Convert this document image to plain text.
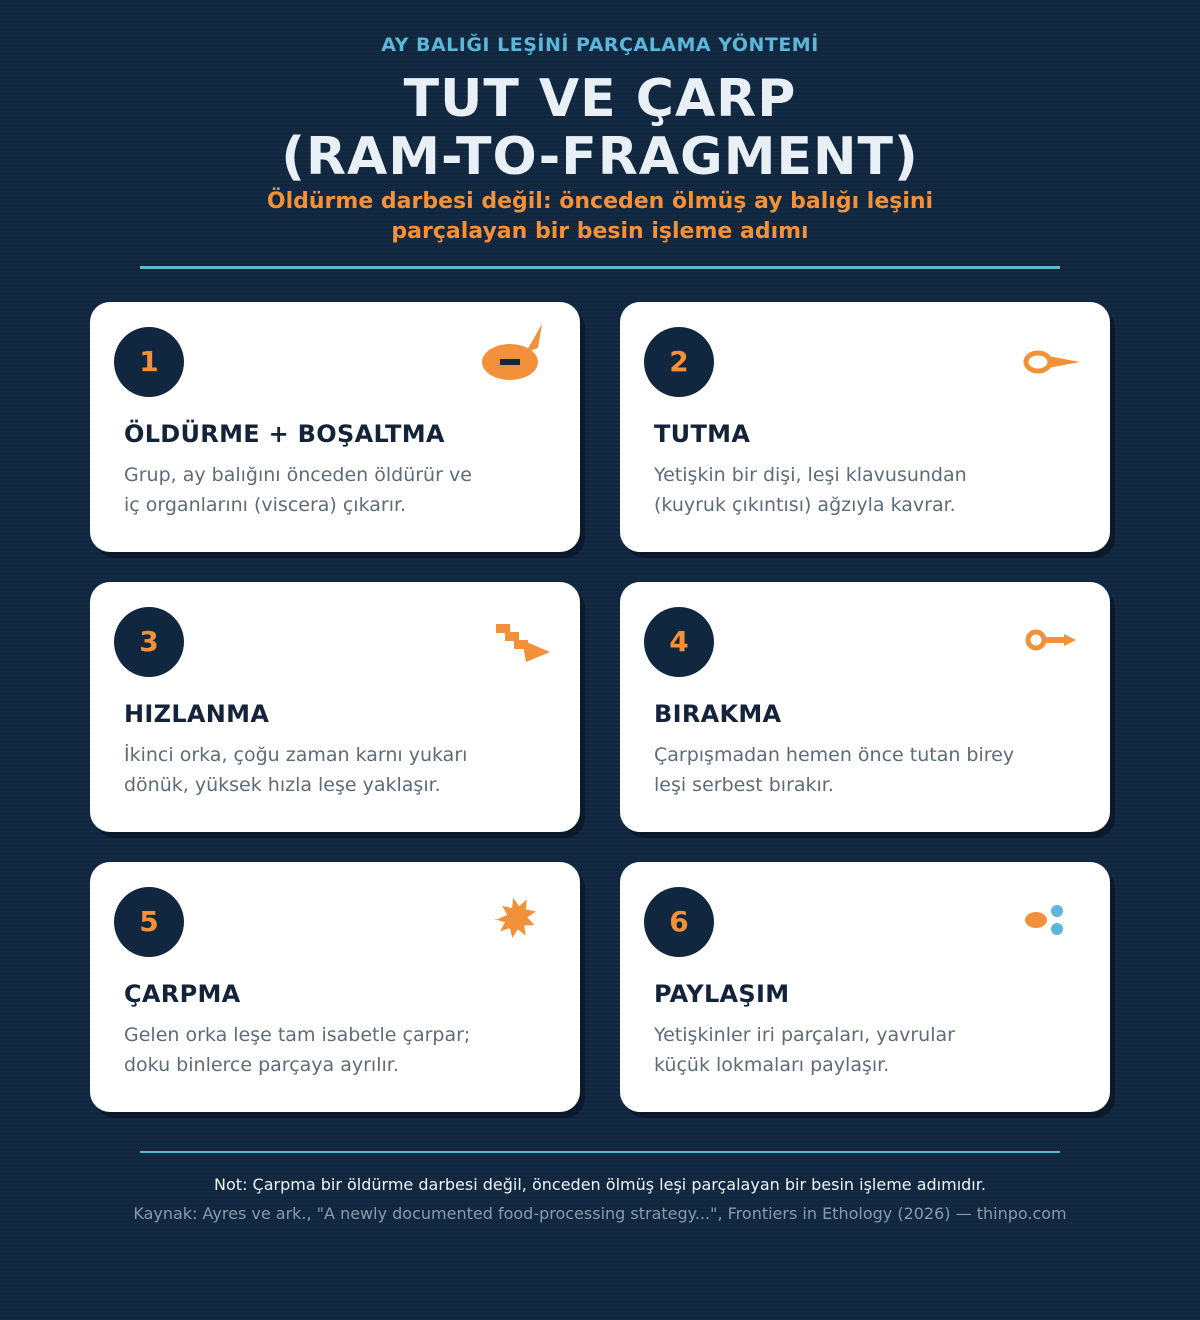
AY BALIĞI LEŞİNİ PARÇALAMA YÖNTEMİ
TUT VE ÇARP
(RAM-TO-FRAGMENT)
Öldürme darbesi değil: önceden ölmüş ay balığı leşini
parçalayan bir besin işleme adımı
1
ÖLDÜRME + BOŞALTMA
Grup, ay balığını önceden öldürür ve
iç organlarını (viscera) çıkarır.
2
TUTMA
Yetişkin bir dişi, leşi klavusundan
(kuyruk çıkıntısı) ağzıyla kavrar.
3
HIZLANMA
İkinci orka, çoğu zaman karnı yukarı
dönük, yüksek hızla leşe yaklaşır.
4
BIRAKMA
Çarpışmadan hemen önce tutan birey
leşi serbest bırakır.
5
ÇARPMA
Gelen orka leşe tam isabetle çarpar;
doku binlerce parçaya ayrılır.
6
PAYLAŞIM
Yetişkinler iri parçaları, yavrular
küçük lokmaları paylaşır.
Not: Çarpma bir öldürme darbesi değil, önceden ölmüş leşi parçalayan bir besin işleme adımıdır.
Kaynak: Ayres ve ark., "A newly documented food-processing strategy...", Frontiers in Ethology (2026) — thinpo.com
